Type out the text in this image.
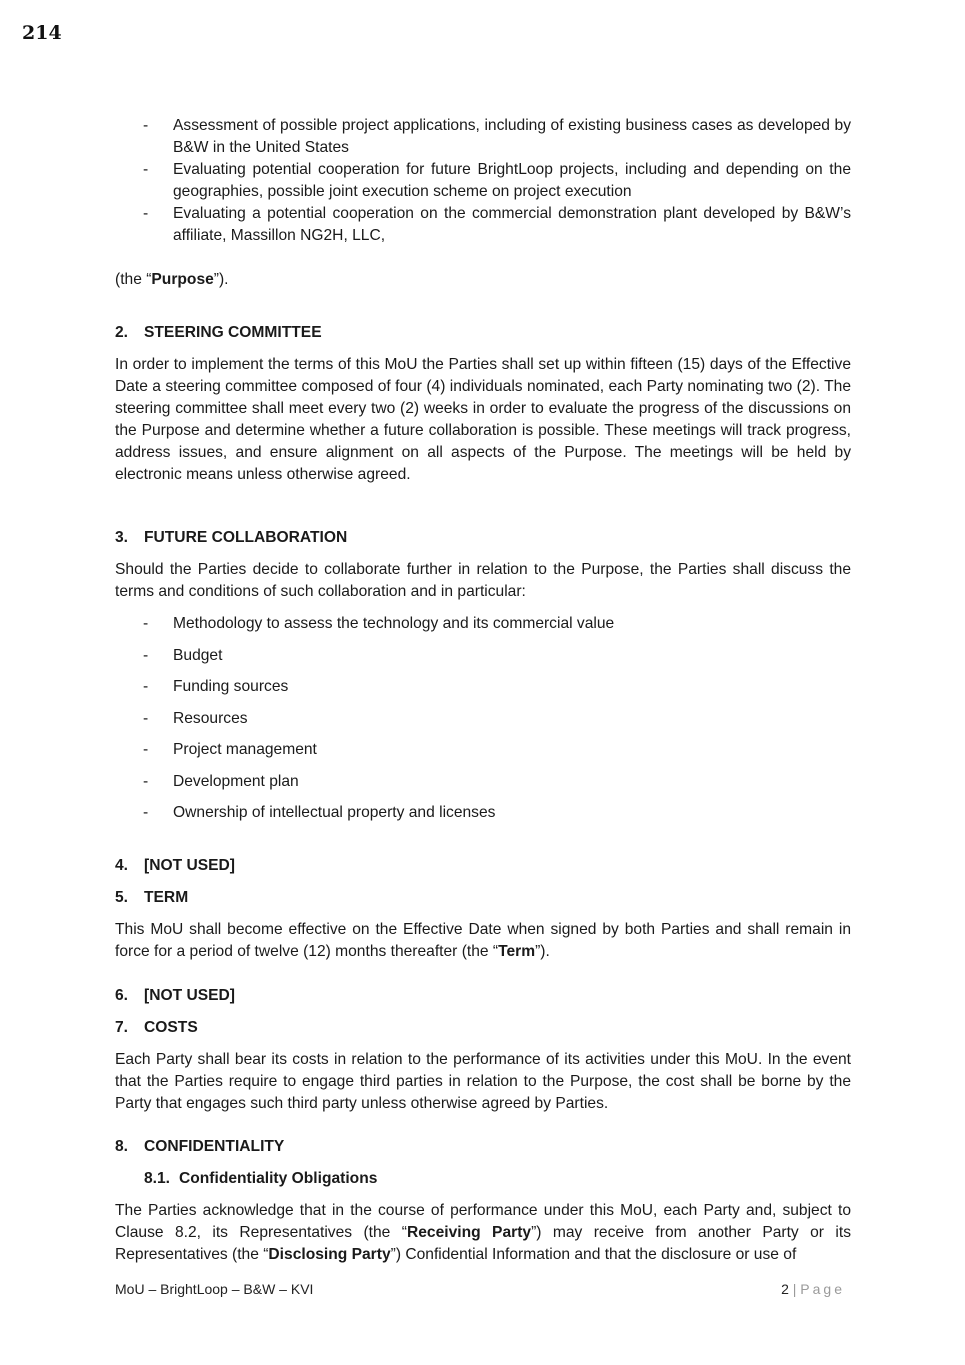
214
- Assessment of possible project applications, including of existing business cases as developed by B&W in the United States
- Evaluating potential cooperation for future BrightLoop projects, including and depending on the geographies, possible joint execution scheme on project execution
- Evaluating a potential cooperation on the commercial demonstration plant developed by B&W’s affiliate, Massillon NG2H, LLC,

(the “Purpose”).

2.	STEERING COMMITTEE

In order to implement the terms of this MoU the Parties shall set up within fifteen (15) days of the Effective Date a steering committee composed of four (4) individuals nominated, each Party nominating two (2). The steering committee shall meet every two (2) weeks in order to evaluate the progress of the discussions on the Purpose and determine whether a future collaboration is possible. These meetings will track progress, address issues, and ensure alignment on all aspects of the Purpose. The meetings will be held by electronic means unless otherwise agreed.

3.	FUTURE COLLABORATION

Should the Parties decide to collaborate further in relation to the Purpose, the Parties shall discuss the terms and conditions of such collaboration and in particular:

- Methodology to assess the technology and its commercial value
- Budget
- Funding sources
- Resources
- Project management
- Development plan
- Ownership of intellectual property and licenses
4.	[NOT USED]
5.	TERM

This MoU shall become effective on the Effective Date when signed by both Parties and shall remain in force for a period of twelve (12) months thereafter (the “Term”).

6.	[NOT USED]
7.	COSTS

Each Party shall bear its costs in relation to the performance of its activities under this MoU. In the event that the Parties require to engage third parties in relation to the Purpose, the cost shall be borne by the Party that engages such third party unless otherwise agreed by Parties.

8.	CONFIDENTIALITY
8.1. Confidentiality Obligations

The Parties acknowledge that in the course of performance under this MoU, each Party and, subject to Clause 8.2, its Representatives (the “Receiving Party”) may receive from another Party or its Representatives (the “Disclosing Party”) Confidential Information and that the disclosure or use of

MoU – BrightLoop – B&W – KVI	2 | Page
